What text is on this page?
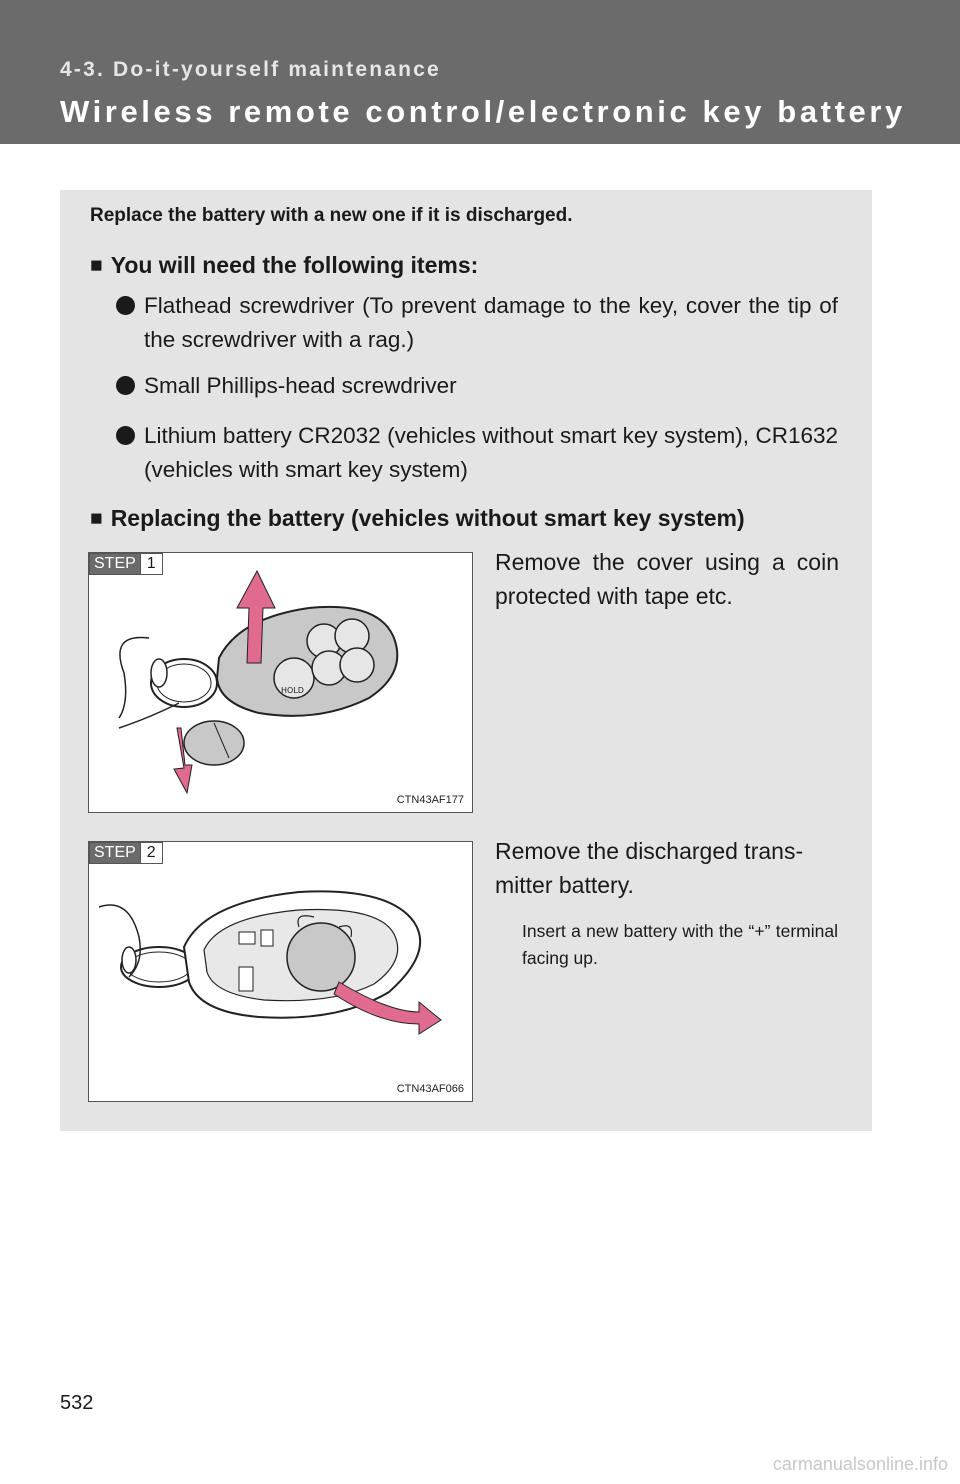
4-3. Do-it-yourself maintenance
Wireless remote control/electronic key battery
Replace the battery with a new one if it is discharged.
■ You will need the following items:
Flathead screwdriver (To prevent damage to the key, cover the tip of the screwdriver with a rag.)
Small Phillips-head screwdriver
Lithium battery CR2032 (vehicles without smart key system), CR1632 (vehicles with smart key system)
■ Replacing the battery (vehicles without smart key system)
HOLD
STEP 1
CTN43AF177
Remove the cover using a coin protected with tape etc.
STEP 2
CTN43AF066
Remove the discharged trans- mitter battery.
Insert a new battery with the “+” terminal facing up.
532
carmanualsonline.info
